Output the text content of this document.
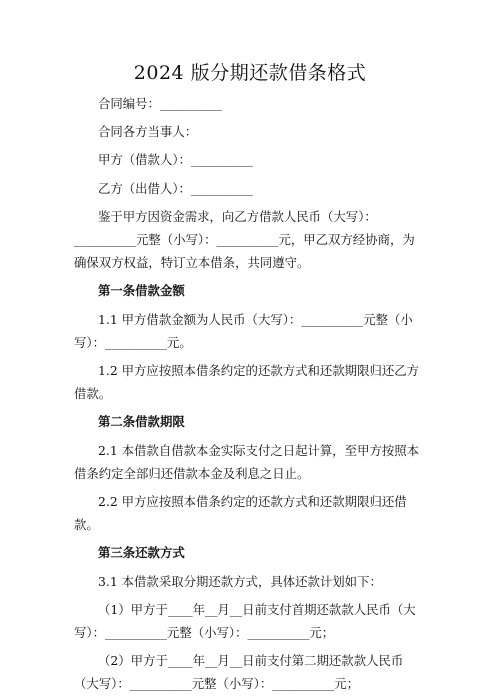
2024 版分期还款借条格式

合同编号：__________

合同各方当事人：

甲方（借款人）：__________

乙方（出借人）：__________

鉴于甲方因资金需求，向乙方借款人民币（大写）：__________元整（小写）：__________元，甲乙双方经协商，为确保双方权益，特订立本借条，共同遵守。

第一条借款金额

1.1 甲方借款金额为人民币（大写）：__________元整（小写）：__________元。

1.2 甲方应按照本借条约定的还款方式和还款期限归还乙方借款。

第二条借款期限

2.1 本借款自借款本金实际支付之日起计算，至甲方按照本借条约定全部归还借款本金及利息之日止。

2.2 甲方应按照本借条约定的还款方式和还款期限归还借款。

第三条还款方式

3.1 本借款采取分期还款方式，具体还款计划如下：

（1）甲方于____年__月__日前支付首期还款款人民币（大写）：__________元整（小写）：__________元；

（2）甲方于____年__月__日前支付第二期还款款人民币（大写）：__________元整（小写）：__________元；
